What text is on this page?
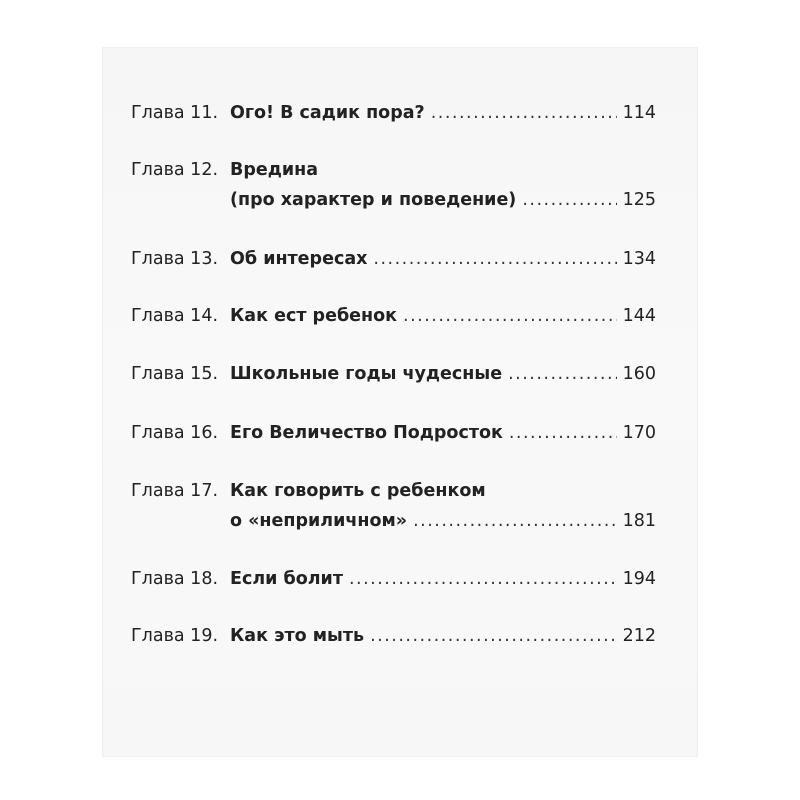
Глава 11. Ого! В садик пора? .....	114
Глава 12. Вредина
(про характер и поведение) .....	125
Глава 13. Об интересах .....	134
Глава 14. Как ест ребенок .....	144
Глава 15. Школьные годы чудесные .....	160
Глава 16. Его Величество Подросток .....	170
Глава 17. Как говорить с ребенком
о «неприличном» .....	181
Глава 18. Если болит .....	194
Глава 19. Как это мыть .....	212
